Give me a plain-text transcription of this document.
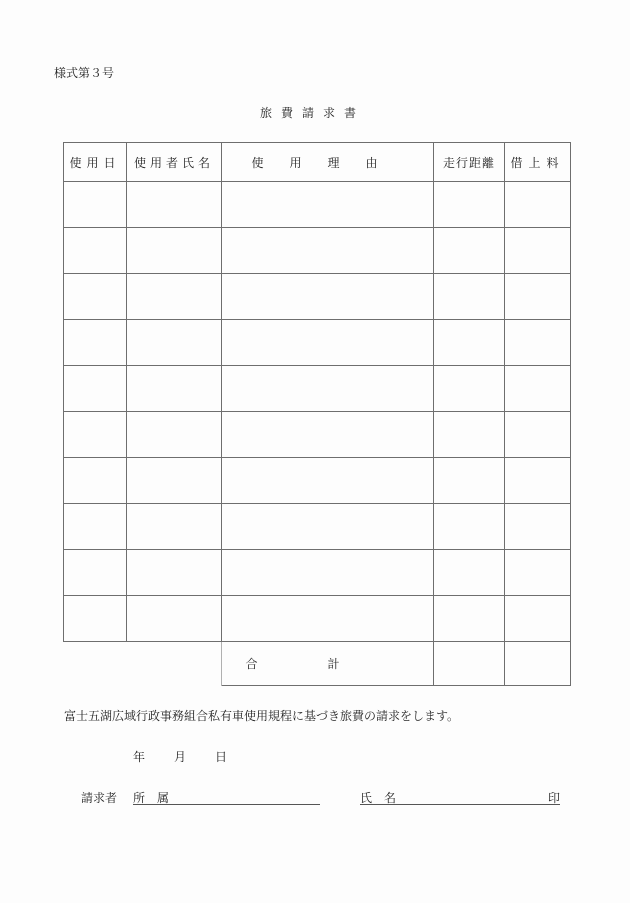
様式第３号
旅費請求書
使用日	使用者氏名	使用理由	走行距離	借上料

		合計		
富士五湖広域行政事務組合私有車使用規程に基づき旅費の請求をします。
年 月 日
請求者 所　属	氏　名	印
